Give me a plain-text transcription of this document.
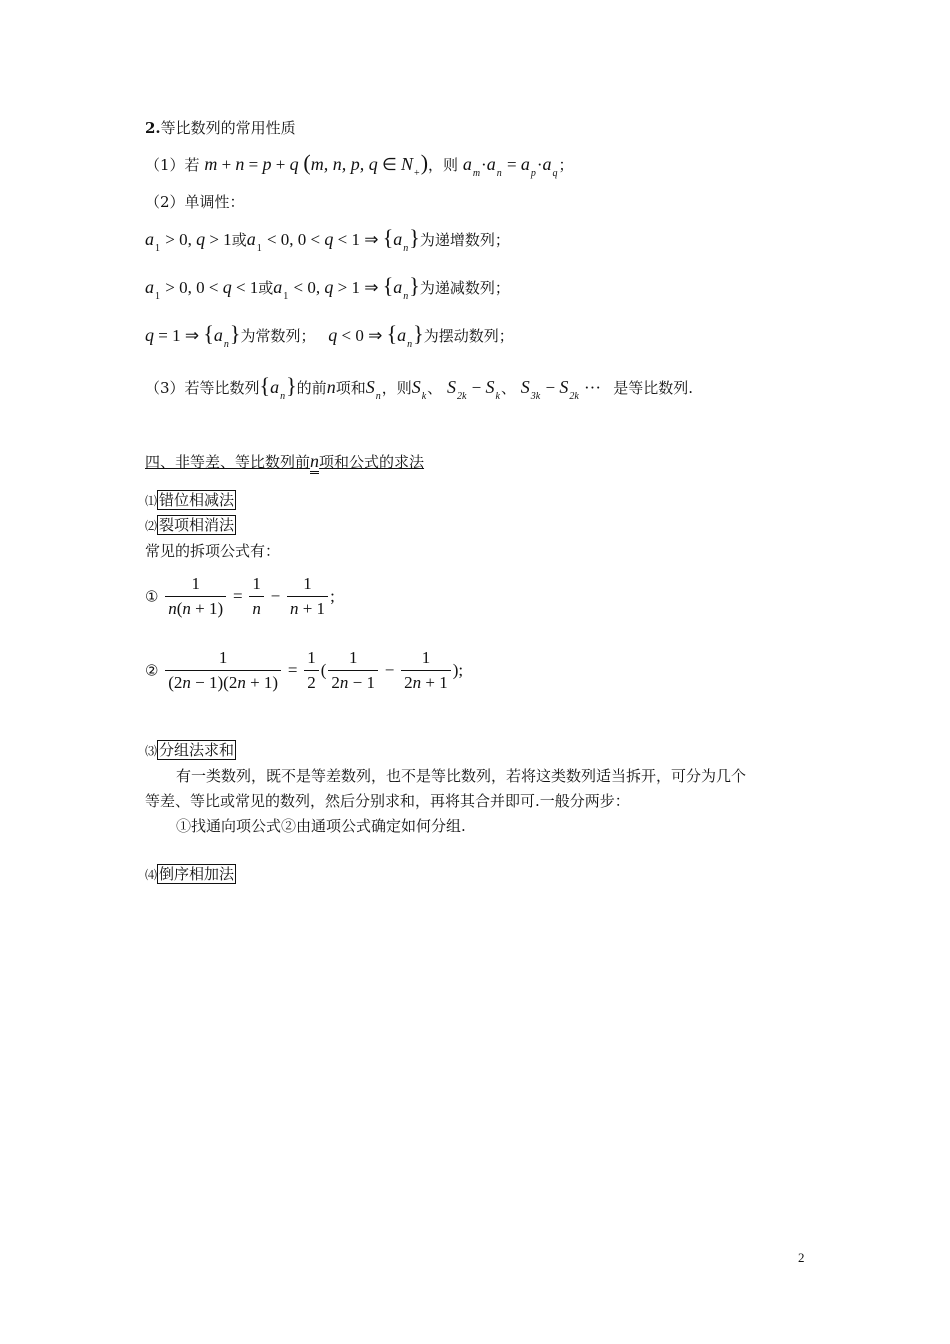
2.等比数列的常用性质
（1）若 m + n = p + q (m, n, p, q ∈ $N_+$)，则 $a_m\cdot a_n = a_p\cdot a_q$；
（2）单调性：
$a_1 > 0$, q > 1或$a_1 < 0$, 0 < q < 1 ⇒ $\{a_n\}$为递增数列；
$a_1 > 0$, 0 < q < 1或$a_1 < 0$, q > 1 ⇒ $\{a_n\}$为递减数列；
q = 1 ⇒ $\{a_n\}$为常数列； q < 0 ⇒ $\{a_n\}$为摆动数列；
（3）若等比数列$\{a_n\}$的前n项和$S_n$，则$S_k$、 $S_{2k} - S_k$、 $S_{3k} - S_{2k}$ ··· 是等比数列.
四、非等差、等比数列前n项和公式的求法
⑴ 错位相减法
⑵ 裂项相消法
常见的拆项公式有：
① $\frac{1}{n(n + 1)} = \frac{1}{n} - \frac{1}{n + 1}$ ;
② $\frac{1}{(2n - 1)(2n + 1)} = \frac{1}{2}$ ( $\frac{1}{2n - 1} - \frac{1}{2n + 1}$ );
⑶ 分组法求和
有一类数列，既不是等差数列，也不是等比数列，若将这类数列适当拆开，可分为几个
等差、等比或常见的数列，然后分别求和，再将其合并即可.一般分两步：
①找通向项公式②由通项公式确定如何分组.
⑷ 倒序相加法
2
